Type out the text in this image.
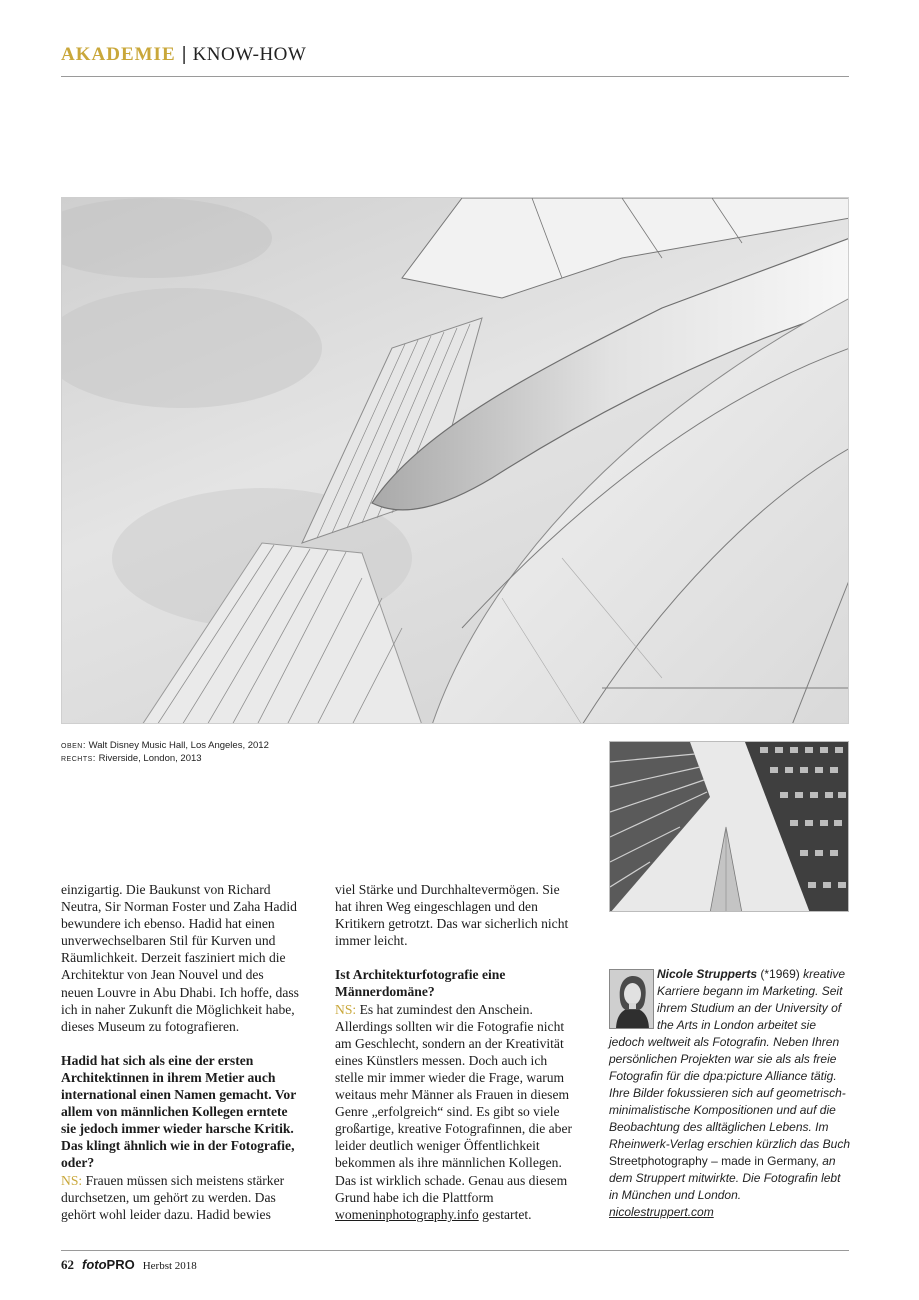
AKADEMIE | KNOW-HOW
oben: Walt Disney Music Hall, Los Angeles, 2012
rechts: Riverside, London, 2013

einzigartig. Die Baukunst von Richard Neutra, Sir Norman Foster und Zaha Hadid bewundere ich ebenso. Hadid hat einen unverwechselbaren Stil für Kurven und Räumlichkeit. Derzeit fasziniert mich die Architektur von Jean Nouvel und des neuen Louvre in Abu Dhabi. Ich hoffe, dass ich in naher Zukunft die Möglichkeit habe, dieses Museum zu fotografieren.

Hadid hat sich als eine der ersten Architektinnen in ihrem Metier auch international einen Namen gemacht. Vor allem von männlichen Kollegen erntete sie jedoch immer wieder harsche Kritik. Das klingt ähnlich wie in der Fotografie, oder?

NS: Frauen müssen sich meistens stärker durchsetzen, um gehört zu werden. Das gehört wohl leider dazu. Hadid bewies

viel Stärke und Durchhaltevermögen. Sie hat ihren Weg eingeschlagen und den Kritikern getrotzt. Das war sicherlich nicht immer leicht.

Ist Architekturfotografie eine Männerdomäne?

NS: Es hat zumindest den Anschein. Allerdings sollten wir die Fotografie nicht am Geschlecht, sondern an der Kreativität eines Künstlers messen. Doch auch ich stelle mir immer wieder die Frage, warum weitaus mehr Männer als Frauen in diesem Genre „erfolgreich“ sind. Es gibt so viele großartige, kreative Fotografinnen, die aber leider deutlich weniger Öffentlichkeit bekommen als ihre männlichen Kollegen. Das ist wirklich schade. Genau aus diesem Grund habe ich die Plattform womeninphotography.info gestartet.

Nicole Strupperts (*1969) kreative Karriere begann im Marketing. Seit ihrem Studium an der University of the Arts in London arbeitet sie jedoch weltweit als Fotografin. Neben Ihren persönlichen Projekten war sie als als freie Fotografin für die dpa:picture Alliance tätig. Ihre Bilder fokussieren sich auf geometrisch-minimalistische Kompositionen und auf die Beobachtung des alltäglichen Lebens. Im Rheinwerk-Verlag erschien kürzlich das Buch Streetphotography – made in Germany, an dem Struppert mitwirkte. Die Fotografin lebt in München und London.
nicolestruppert.com
62 fotoPRO Herbst 2018
